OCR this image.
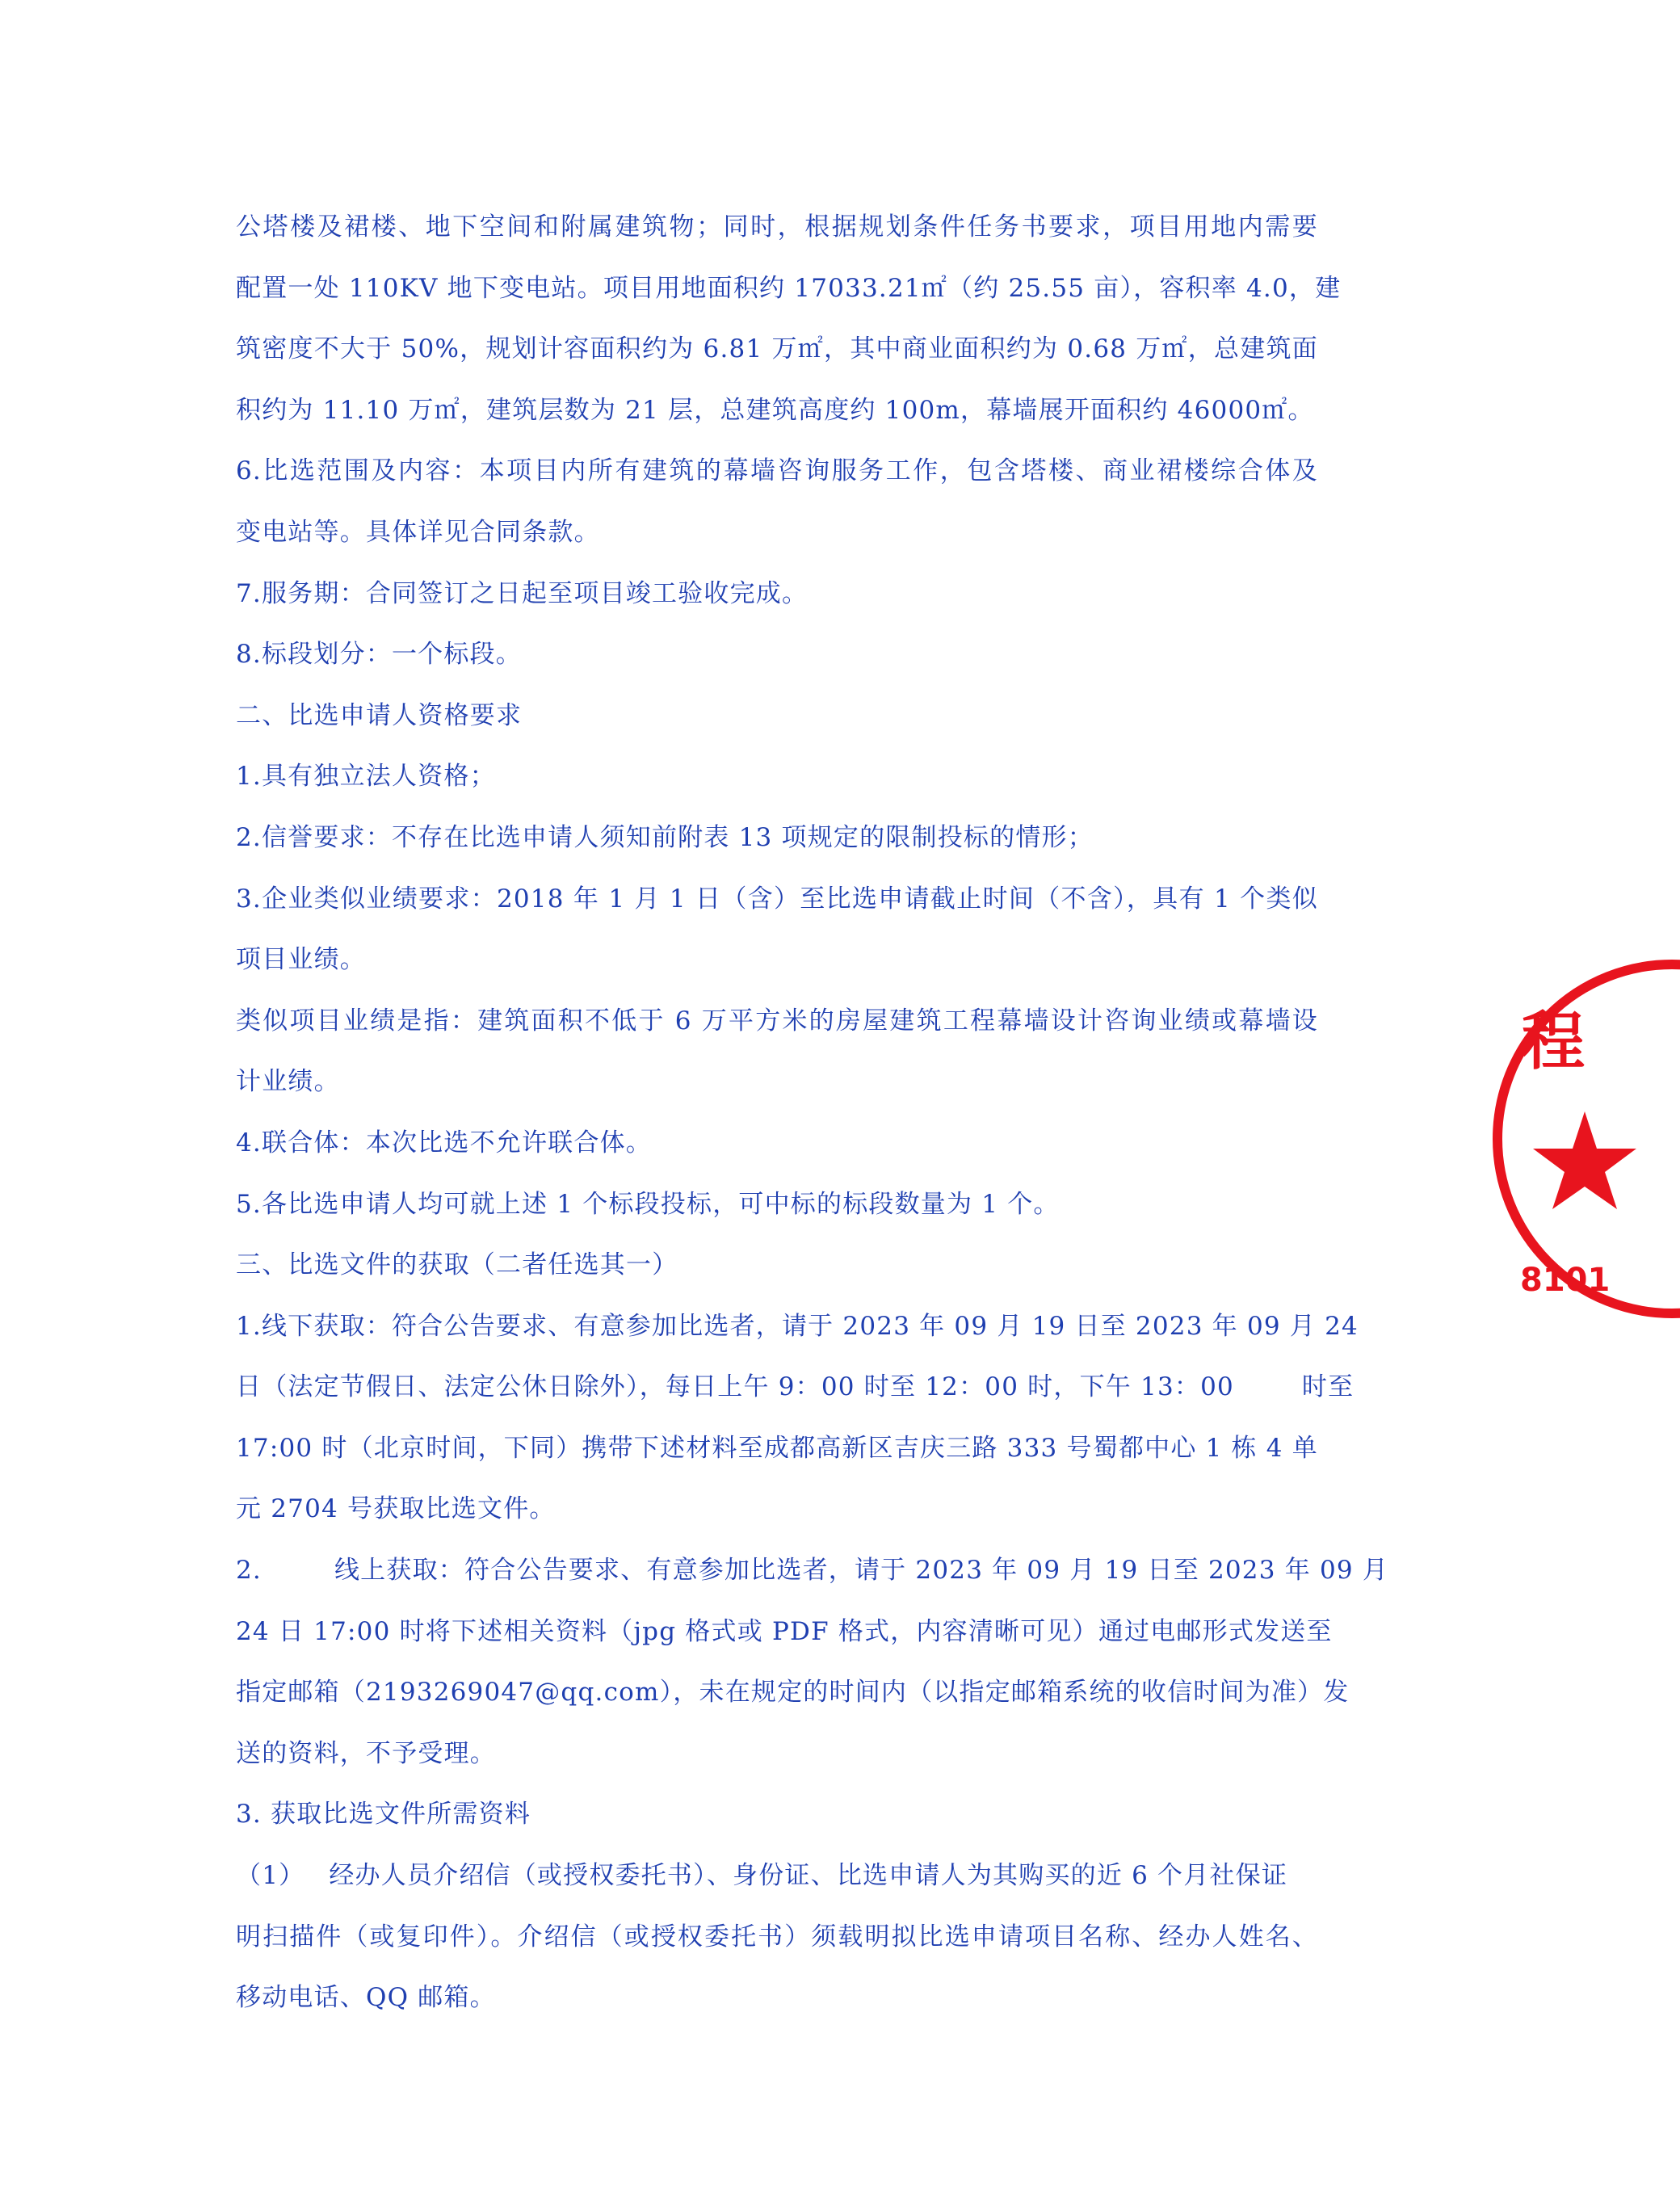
公塔楼及裙楼、地下空间和附属建筑物；同时，根据规划条件任务书要求，项目用地内需要
配置一处 110KV 地下变电站。项目用地面积约 17033.21㎡（约 25.55 亩），容积率 4.0，建
筑密度不大于 50%，规划计容面积约为 6.81 万㎡，其中商业面积约为 0.68 万㎡，总建筑面
积约为 11.10 万㎡，建筑层数为 21 层，总建筑高度约 100m，幕墙展开面积约 46000㎡。
6.比选范围及内容：本项目内所有建筑的幕墙咨询服务工作，包含塔楼、商业裙楼综合体及
变电站等。具体详见合同条款。
7.服务期：合同签订之日起至项目竣工验收完成。
8.标段划分：一个标段。
二、比选申请人资格要求
1.具有独立法人资格；
2.信誉要求：不存在比选申请人须知前附表 13 项规定的限制投标的情形；
3.企业类似业绩要求：2018 年 1 月 1 日（含）至比选申请截止时间（不含），具有 1 个类似
项目业绩。
类似项目业绩是指：建筑面积不低于 6 万平方米的房屋建筑工程幕墙设计咨询业绩或幕墙设
计业绩。
4.联合体：本次比选不允许联合体。
5.各比选申请人均可就上述 1 个标段投标，可中标的标段数量为 1 个。
三、比选文件的获取（二者任选其一）
1.线下获取：符合公告要求、有意参加比选者，请于 2023 年 09 月 19 日至 2023 年 09 月 24
日（法定节假日、法定公休日除外），每日上午 9：00 时至 12：00 时，下午 13：00	时至
17:00 时（北京时间，下同）携带下述材料至成都高新区吉庆三路 333 号蜀都中心 1 栋 4 单
元 2704 号获取比选文件。
2.	线上获取：符合公告要求、有意参加比选者，请于 2023 年 09 月 19 日至 2023 年 09 月
24 日 17:00 时将下述相关资料（jpg 格式或 PDF 格式，内容清晰可见）通过电邮形式发送至
指定邮箱（2193269047@qq.com），未在规定的时间内（以指定邮箱系统的收信时间为准）发
送的资料，不予受理。
3. 获取比选文件所需资料
（1） 经办人员介绍信（或授权委托书）、身份证、比选申请人为其购买的近 6 个月社保证
明扫描件（或复印件）。介绍信（或授权委托书）须载明拟比选申请项目名称、经办人姓名、
移动电话、QQ 邮箱。
程
8101
